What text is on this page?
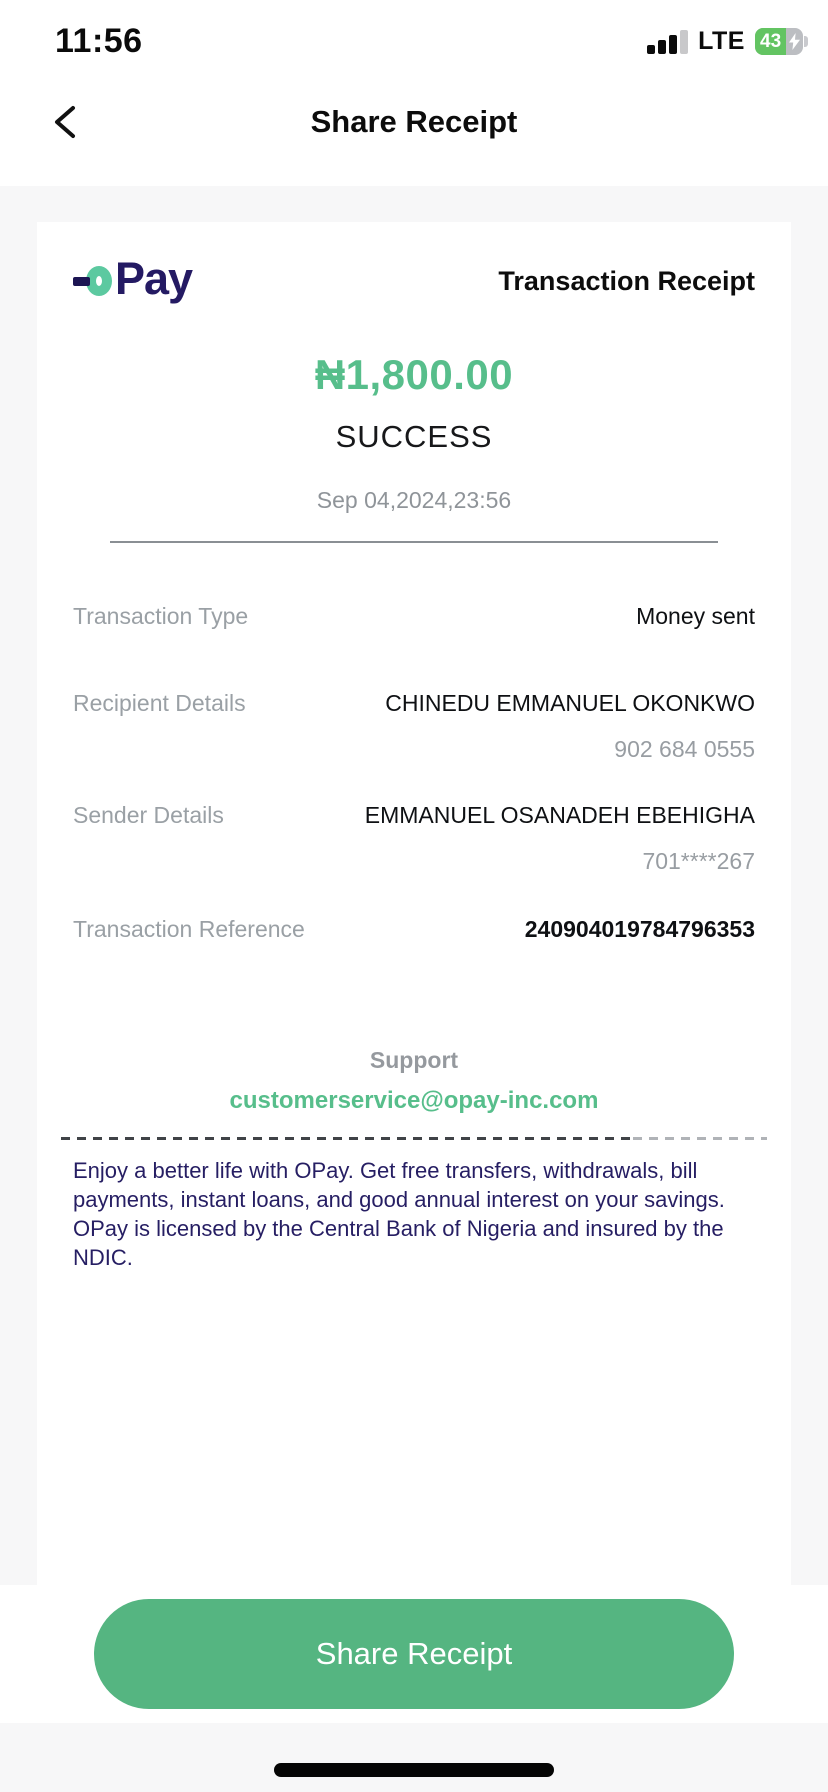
11:56	LTE 43
Share Receipt
Pay	Transaction Receipt
₦1,800.00
SUCCESS
Sep 04,2024,23:56
Transaction Type	Money sent
Recipient Details	CHINEDU EMMANUEL OKONKWO
902 684 0555
Sender Details	EMMANUEL OSANADEH EBEHIGHA
701****267
Transaction Reference	240904019784796353
Support
customerservice@opay-inc.com

Enjoy a better life with OPay. Get free transfers, withdrawals, bill payments, instant loans, and good annual interest on your savings. OPay is licensed by the Central Bank of Nigeria and insured by the NDIC.

Share Receipt
